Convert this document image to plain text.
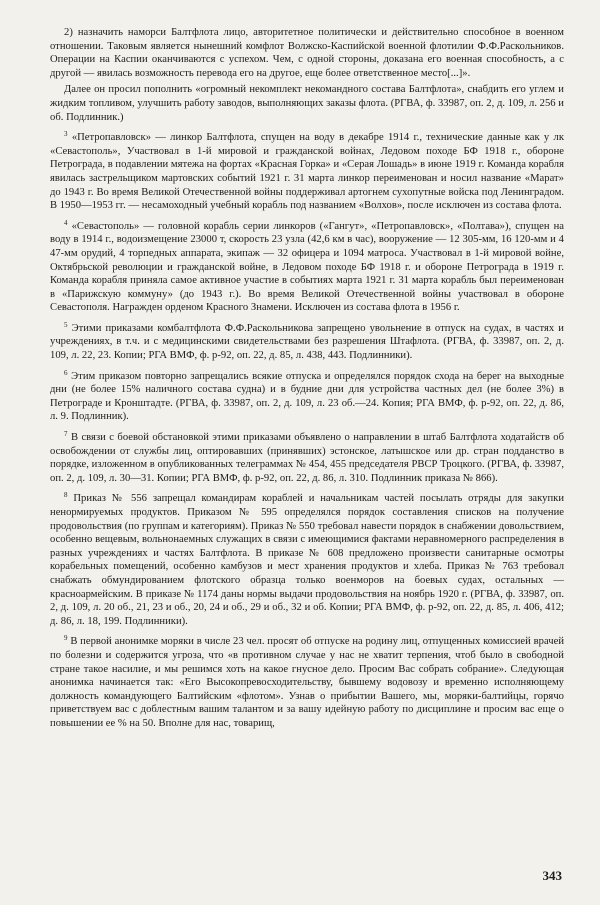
2) назначить наморси Балтфлота лицо, авторитетное политически и действительно способное в военном отношении. Таковым является нынешний комфлот Волжско-Каспийской военной флотилии Ф.Ф.Раскольников. Операции на Каспии оканчиваются с успехом. Чем, с одной стороны, доказана его военная способность, а с другой — явилась возможность перевода его на другое, еще более ответственное место[...]».

Далее он просил пополнить «огромный некомплект некомандного состава Балтфлота», снабдить его углем и жидким топливом, улучшить работу заводов, выполняющих заказы флота. (РГВА, ф. 33987, оп. 2, д. 109, л. 256 и об. Подлинник.)

$^3$ «Петропавловск» — линкор Балтфлота, спущен на воду в декабре 1914 г., технические данные как у лк «Севастополь», Участвовал в 1-й мировой и гражданской войнах, Ледовом походе БФ 1918 г., обороне Петрограда, в подавлении мятежа на фортах «Красная Горка» и «Серая Лошадь» в июне 1919 г. Команда корабля явилась застрельщиком мартовских событий 1921 г. 31 марта линкор переименован и носил название «Марат» до 1943 г. Во время Великой Отечественной войны поддерживал артогнем сухопутные войска под Ленинградом. В 1950—1953 гг. — несамоходный учебный корабль под названием «Волхов», после исключен из состава флота.

$^4$ «Севастополь» — головной корабль серии линкоров («Гангут», «Петропавловск», «Полтава»), спущен на воду в 1914 г., водоизмещение 23000 т, скорость 23 узла (42,6 км в час), вооружение — 12 305-мм, 16 120-мм и 4 47-мм орудий, 4 торпедных аппарата, экипаж — 32 офицера и 1094 матроса. Участвовал в 1-й мировой войне, Октябрьской революции и гражданской войне, в Ледовом походе БФ 1918 г. и обороне Петрограда в 1919 г. Команда корабля приняла самое активное участие в событиях марта 1921 г. 31 марта корабль был переименован в «Парижскую коммуну» (до 1943 г.). Во время Великой Отечественной войны участвовал в обороне Севастополя. Награжден орденом Красного Знамени. Исключен из состава флота в 1956 г.

$^5$ Этими приказами комбалтфлота Ф.Ф.Раскольникова запрещено увольнение в отпуск на судах, в частях и учреждениях, в т.ч. и с медицинскими свидетельствами без разрешения Штафлота. (РГВА, ф. 33987, оп. 2, д. 109, л. 22, 23. Копии; РГА ВМФ, ф. р-92, оп. 22, д. 85, л. 438, 443. Подлинники).

$^6$ Этим приказом повторно запрещались всякие отпуска и определялся порядок схода на берег на выходные дни (не более 15% наличного состава судна) и в будние дни для устройства частных дел (не более 3%) в Петрограде и Кронштадте. (РГВА, ф. 33987, оп. 2, д. 109, л. 23 об.—24. Копия; РГА ВМФ, ф. р-92, оп. 22, д. 86, л. 9. Подлинник).

$^7$ В связи с боевой обстановкой этими приказами объявлено о направлении в штаб Балтфлота ходатайств об освобождении от службы лиц, оптировавших (принявших) эстонское, латышское или др. стран подданство в порядке, изложенном в опубликованных телеграммах № 454, 455 председателя РВСР Троцкого. (РГВА, ф. 33987, оп. 2, д. 109, л. 30—31. Копии; РГА ВМФ, ф. р-92, оп. 22, д. 86, л. 310. Подлинник приказа № 866).

$^8$ Приказ № 556 запрещал командирам кораблей и начальникам частей посылать отряды для закупки ненормируемых продуктов. Приказом № 595 определялся порядок составления списков на получение продовольствия (по группам и категориям). Приказ № 550 требовал навести порядок в снабжении довольствием, особенно вещевым, вольнонаемных служащих в связи с имеющимися фактами неравномерного распределения в разных учреждениях и частях Балтфлота. В приказе № 608 предложено произвести санитарные осмотры корабельных помещений, особенно камбузов и мест хранения продуктов и хлеба. Приказ № 763 требовал снабжать обмундированием флотского образца только военморов на боевых судах, остальных — красноармейским. В приказе № 1174 даны нормы выдачи продовольствия на ноябрь 1920 г. (РГВА, ф. 33987, оп. 2, д. 109, л. 20 об., 21, 23 и об., 20, 24 и об., 29 и об., 32 и об. Копии; РГА ВМФ, ф. р-92, оп. 22, д. 85, л. 406, 412; д. 86, л. 18, 199. Подлинники).

$^9$ В первой анонимке моряки в числе 23 чел. просят об отпуске на родину лиц, отпущенных комиссией врачей по болезни и содержится угроза, что «в противном случае у нас не хватит терпения, чтоб было в свободной стране такое насилие, и мы решимся хоть на какое гнусное дело. Просим Вас собрать собрание». Следующая анонимка начинается так: «Его Высокопревосходительству, бывшему водовозу и временно исполняющему должность командующего Балтийским «флотом». Узнав о прибытии Вашего, мы, моряки-балтийцы, горячо приветствуем вас с доблестным вашим талантом и за вашу идейную работу по дисциплине и просим вас еще о повышении ее % на 50. Вполне для нас, товарищ,

343
